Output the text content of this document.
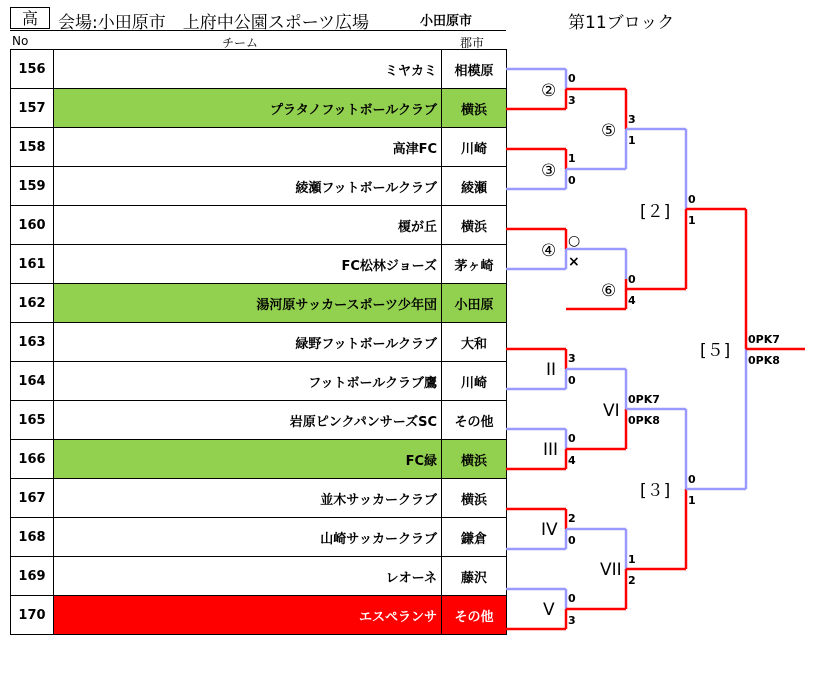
高	会場:小田原市　上府中公園スポーツ広場	小田原市	第11ブロック
No	チーム	郡市
156	ミヤカミ	相模原
157	プラタノフットボールクラブ	横浜
158	高津FC	川崎
159	綾瀬フットボールクラブ	綾瀬
160	榎が丘	横浜
161	FC松林ジョーズ	茅ヶ崎
162	湯河原サッカースポーツ少年団	小田原
163	緑野フットボールクラブ	大和
164	フットボールクラブ鷹	川崎
165	岩原ピンクパンサーズSC	その他
166	FC緑	横浜
167	並木サッカークラブ	横浜
168	山崎サッカークラブ	鎌倉
169	レオーネ	藤沢
170	エスペランサ	その他
0
3
1
0
3
1
0
4
0
1
3
0
0
4
0PK7
0PK8
2
0
0
3
1
2
0
1
0PK7
0PK8
○
×
②
③
④
⑤
⑥
II
III
IV
V
VI
VII
[２]
[３]
[５]
